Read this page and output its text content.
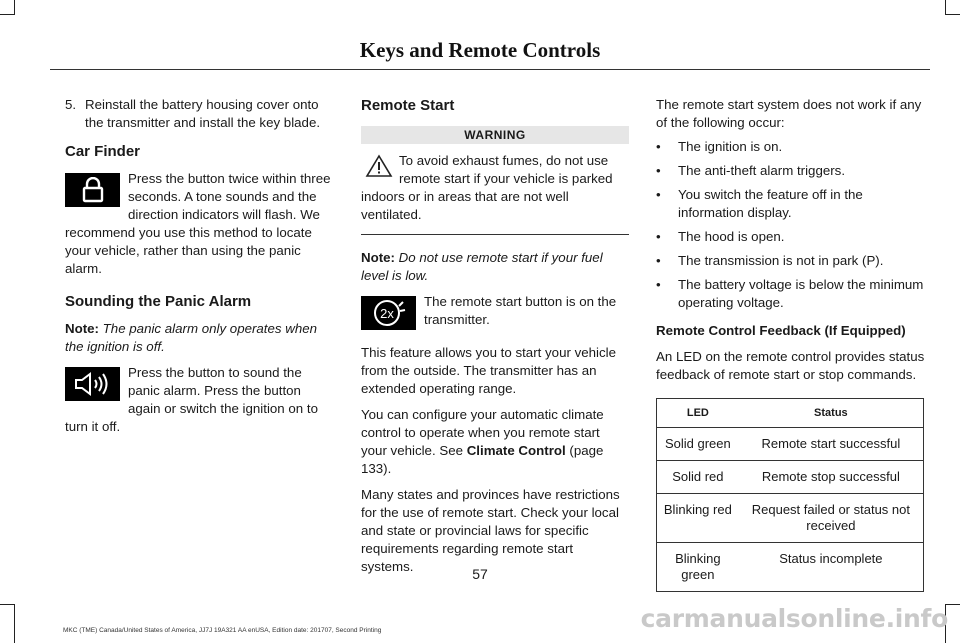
Keys and Remote Controls
5. Reinstall the battery housing cover onto the transmitter and install the key blade.

Car Finder

Press the button twice within three seconds. A tone sounds and the direction indicators will flash. We

recommend you use this method to locate your vehicle, rather than using the panic alarm.

Sounding the Panic Alarm

Note: The panic alarm only operates when the ignition is off.

Press the button to sound the panic alarm. Press the button again or switch the ignition on to

turn it off.

Remote Start

WARNING

To avoid exhaust fumes, do not use remote start if your vehicle is parked indoors or in areas that are not well ventilated.

Note: Do not use remote start if your fuel level is low.

2x

The remote start button is on the transmitter.

This feature allows you to start your vehicle from the outside. The transmitter has an extended operating range.

You can configure your automatic climate control to operate when you remote start your vehicle. See Climate Control (page 133).

Many states and provinces have restrictions for the use of remote start. Check your local and state or provincial laws for specific requirements regarding remote start systems.

The remote start system does not work if any of the following occur:

•	The ignition is on.
•	The anti-theft alarm triggers.
•	You switch the feature off in the information display.
•	The hood is open.
•	The transmission is not in park (P).
•	The battery voltage is below the minimum operating voltage.

Remote Control Feedback (If Equipped)

An LED on the remote control provides status feedback of remote start or stop commands.

LED	Status
Solid green	Remote start successful
Solid red	Remote stop successful
Blinking red	Request failed or status not received
Blinking green	Status incomplete
57
MKC (TME) Canada/United States of America, JJ7J 19A321 AA enUSA, Edition date: 201707, Second Printing	carmanualsonline.info
